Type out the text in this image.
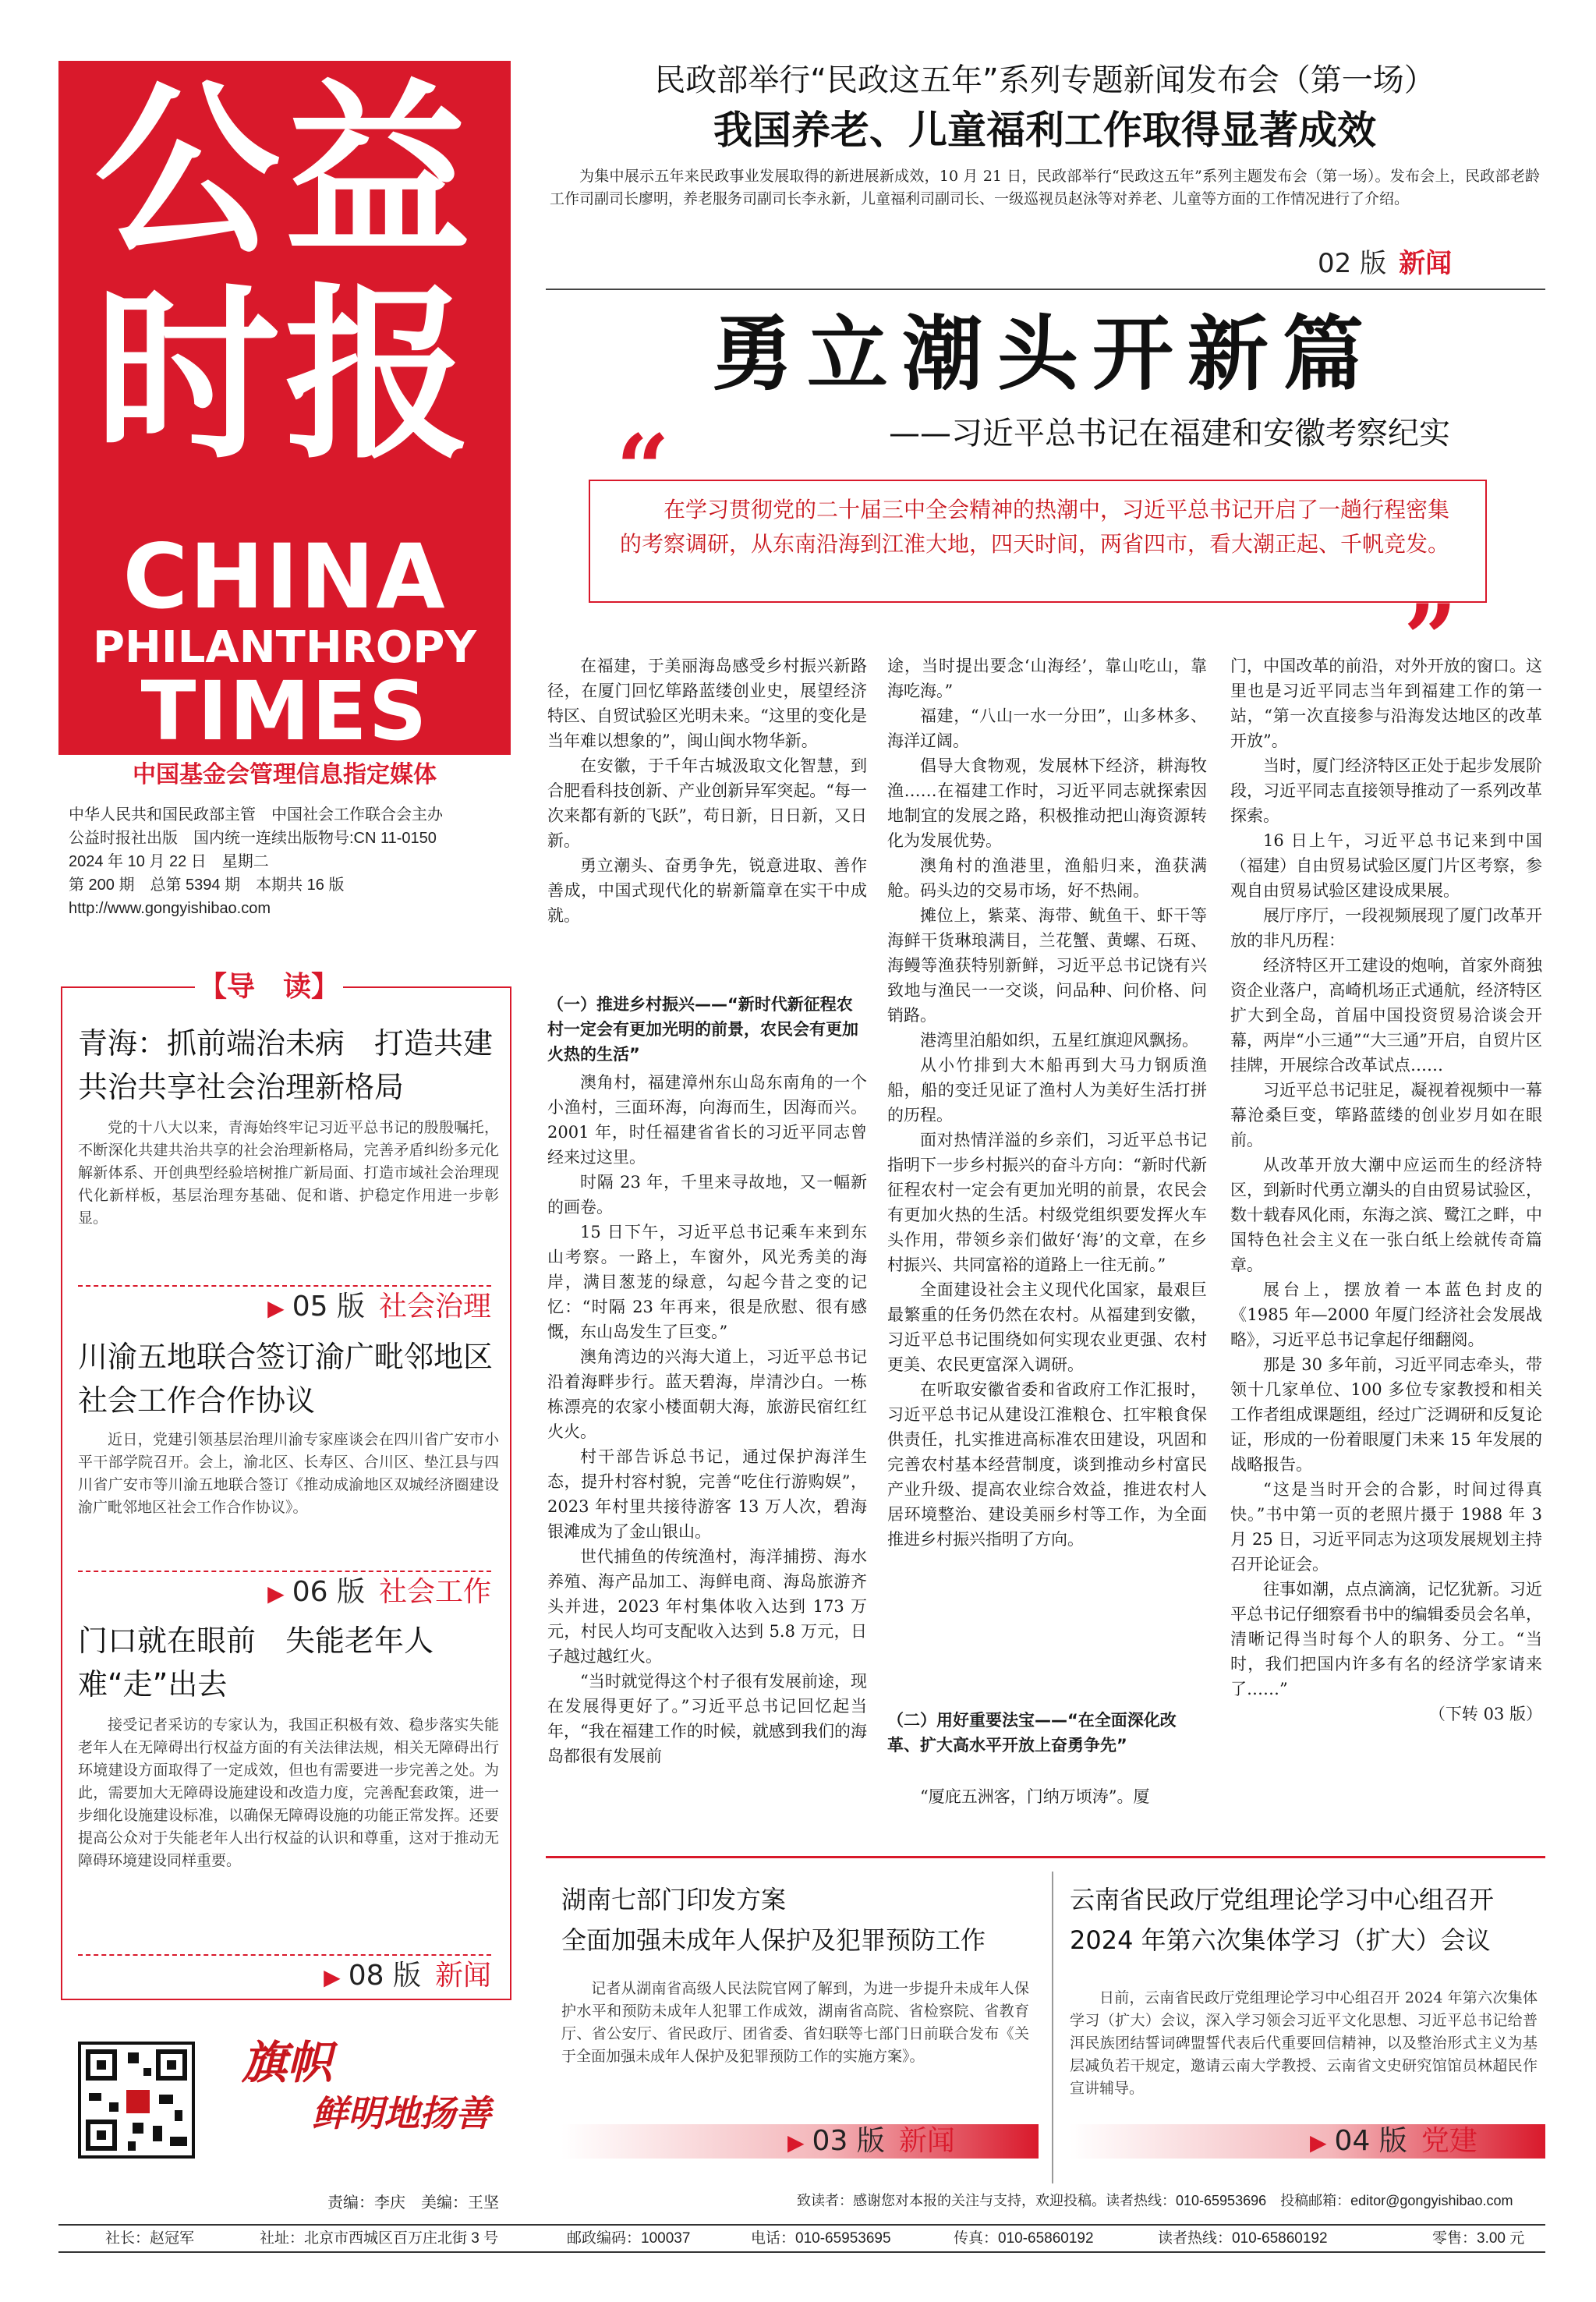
公益
时报
CHINA
PHILANTHROPY
TIMES
中国基金会管理信息指定媒体
中华人民共和国民政部主管　中国社会工作联合会主办
公益时报社出版　国内统一连续出版物号:CN 11-0150
2024 年 10 月 22 日　星期二
第 200 期　总第 5394 期　本期共 16 版
http://www.gongyishibao.com
民政部举行“民政这五年”系列专题新闻发布会（第一场）
我国养老、儿童福利工作取得显著成效
为集中展示五年来民政事业发展取得的新进展新成效，10 月 21 日，民政部举行“民政这五年”系列主题发布会（第一场）。发布会上，民政部老龄工作司副司长廖明，养老服务司副司长李永新，儿童福利司副司长、一级巡视员赵泳等对养老、儿童等方面的工作情况进行了介绍。
02 版 新闻
勇立潮头开新篇
——习近平总书记在福建和安徽考察纪实
“
在学习贯彻党的二十届三中全会精神的热潮中，习近平总书记开启了一趟行程密集的考察调研，从东南沿海到江淮大地，四天时间，两省四市，看大潮正起、千帆竞发。
”

在福建，于美丽海岛感受乡村振兴新路径，在厦门回忆筚路蓝缕创业史，展望经济特区、自贸试验区光明未来。“这里的变化是当年难以想象的”，闽山闽水物华新。

在安徽，于千年古城汲取文化智慧，到合肥看科技创新、产业创新异军突起。“每一次来都有新的飞跃”，苟日新，日日新，又日新。

勇立潮头、奋勇争先，锐意进取、善作善成，中国式现代化的崭新篇章在实干中成就。

（一）推进乡村振兴——“新时代新征程农村一定会有更加光明的前景，农民会有更加火热的生活”

澳角村，福建漳州东山岛东南角的一个小渔村，三面环海，向海而生，因海而兴。2001 年，时任福建省省长的习近平同志曾经来过这里。

时隔 23 年，千里来寻故地，又一幅新的画卷。

15 日下午，习近平总书记乘车来到东山考察。一路上，车窗外，风光秀美的海岸，满目葱茏的绿意，勾起今昔之变的记忆：“时隔 23 年再来，很是欣慰、很有感慨，东山岛发生了巨变。”

澳角湾边的兴海大道上，习近平总书记沿着海畔步行。蓝天碧海，岸清沙白。一栋栋漂亮的农家小楼面朝大海，旅游民宿红红火火。

村干部告诉总书记，通过保护海洋生态，提升村容村貌，完善“吃住行游购娱”，2023 年村里共接待游客 13 万人次，碧海银滩成为了金山银山。

世代捕鱼的传统渔村，海洋捕捞、海水养殖、海产品加工、海鲜电商、海岛旅游齐头并进，2023 年村集体收入达到 173 万元，村民人均可支配收入达到 5.8 万元，日子越过越红火。

“当时就觉得这个村子很有发展前途，现在发展得更好了。”习近平总书记回忆起当年，“我在福建工作的时候，就感到我们的海岛都很有发展前

途，当时提出要念‘山海经’，靠山吃山，靠海吃海。”

福建，“八山一水一分田”，山多林多、海洋辽阔。

倡导大食物观，发展林下经济，耕海牧渔……在福建工作时，习近平同志就探索因地制宜的发展之路，积极推动把山海资源转化为发展优势。

澳角村的渔港里，渔船归来，渔获满舱。码头边的交易市场，好不热闹。

摊位上，紫菜、海带、鱿鱼干、虾干等海鲜干货琳琅满目，兰花蟹、黄螺、石斑、海鳗等渔获特别新鲜，习近平总书记饶有兴致地与渔民一一交谈，问品种、问价格、问销路。

港湾里泊船如织，五星红旗迎风飘扬。

从小竹排到大木船再到大马力钢质渔船，船的变迁见证了渔村人为美好生活打拼的历程。

面对热情洋溢的乡亲们，习近平总书记指明下一步乡村振兴的奋斗方向：“新时代新征程农村一定会有更加光明的前景，农民会有更加火热的生活。村级党组织要发挥火车头作用，带领乡亲们做好‘海’的文章，在乡村振兴、共同富裕的道路上一往无前。”

全面建设社会主义现代化国家，最艰巨最繁重的任务仍然在农村。从福建到安徽，习近平总书记围绕如何实现农业更强、农村更美、农民更富深入调研。

在听取安徽省委和省政府工作汇报时，习近平总书记从建设江淮粮仓、扛牢粮食保供责任，扎实推进高标准农田建设，巩固和完善农村基本经营制度，谈到推动乡村富民产业升级、提高农业综合效益，推进农村人居环境整治、建设美丽乡村等工作，为全面推进乡村振兴指明了方向。

（二）用好重要法宝——“在全面深化改革、扩大高水平开放上奋勇争先”

“厦庇五洲客，门纳万顷涛”。厦

门，中国改革的前沿，对外开放的窗口。这里也是习近平同志当年到福建工作的第一站，“第一次直接参与沿海发达地区的改革开放”。

当时，厦门经济特区正处于起步发展阶段，习近平同志直接领导推动了一系列改革探索。

16 日上午，习近平总书记来到中国（福建）自由贸易试验区厦门片区考察，参观自由贸易试验区建设成果展。

展厅序厅，一段视频展现了厦门改革开放的非凡历程：

经济特区开工建设的炮响，首家外商独资企业落户，高崎机场正式通航，经济特区扩大到全岛，首届中国投资贸易洽谈会开幕，两岸“小三通”“大三通”开启，自贸片区挂牌，开展综合改革试点……

习近平总书记驻足，凝视着视频中一幕幕沧桑巨变，筚路蓝缕的创业岁月如在眼前。

从改革开放大潮中应运而生的经济特区，到新时代勇立潮头的自由贸易试验区，数十载春风化雨，东海之滨、鹭江之畔，中国特色社会主义在一张白纸上绘就传奇篇章。

展台上，摆放着一本蓝色封皮的《1985 年—2000 年厦门经济社会发展战略》，习近平总书记拿起仔细翻阅。

那是 30 多年前，习近平同志牵头，带领十几家单位、100 多位专家教授和相关工作者组成课题组，经过广泛调研和反复论证，形成的一份着眼厦门未来 15 年发展的战略报告。

“这是当时开会的合影，时间过得真快。”书中第一页的老照片摄于 1988 年 3 月 25 日，习近平同志为这项发展规划主持召开论证会。

往事如潮，点点滴滴，记忆犹新。习近平总书记仔细察看书中的编辑委员会名单，清晰记得当时每个人的职务、分工。“当时，我们把国内许多有名的经济学家请来了……”

（下转 03 版）

【导　读】
青海：抓前端治未病　打造共建共治共享社会治理新格局
党的十八大以来，青海始终牢记习近平总书记的殷殷嘱托，不断深化共建共治共享的社会治理新格局，完善矛盾纠纷多元化解新体系、开创典型经验培树推广新局面、打造市域社会治理现代化新样板，基层治理夯基础、促和谐、护稳定作用进一步彰显。
▶ 05 版 社会治理
川渝五地联合签订渝广毗邻地区社会工作合作协议
近日，党建引领基层治理川渝专家座谈会在四川省广安市小平干部学院召开。会上，渝北区、长寿区、合川区、垫江县与四川省广安市等川渝五地联合签订《推动成渝地区双城经济圈建设渝广毗邻地区社会工作合作协议》。
▶ 06 版 社会工作
门口就在眼前　失能老年人难“走”出去
接受记者采访的专家认为，我国正积极有效、稳步落实失能老年人在无障碍出行权益方面的有关法律法规，相关无障碍出行环境建设方面取得了一定成效，但也有需要进一步完善之处。为此，需要加大无障碍设施建设和改造力度，完善配套政策，进一步细化设施建设标准，以确保无障碍设施的功能正常发挥。还要提高公众对于失能老年人出行权益的认识和尊重，这对于推动无障碍环境建设同样重要。
▶ 08 版 新闻
旗帜
鲜明地扬善
湖南七部门印发方案
全面加强未成年人保护及犯罪预防工作
记者从湖南省高级人民法院官网了解到，为进一步提升未成年人保护水平和预防未成年人犯罪工作成效，湖南省高院、省检察院、省教育厅、省公安厅、省民政厅、团省委、省妇联等七部门日前联合发布《关于全面加强未成年人保护及犯罪预防工作的实施方案》。
▶ 03 版 新闻
云南省民政厅党组理论学习中心组召开
2024 年第六次集体学习（扩大）会议
日前，云南省民政厅党组理论学习中心组召开 2024 年第六次集体学习（扩大）会议，深入学习领会习近平文化思想、习近平总书记给普洱民族团结誓词碑盟誓代表后代重要回信精神，以及整治形式主义为基层减负若干规定，邀请云南大学教授、云南省文史研究馆馆员林超民作宣讲辅导。
▶ 04 版 党建
责编：李庆　美编：王坚	致读者：感谢您对本报的关注与支持，欢迎投稿。读者热线：010-65953696　投稿邮箱：editor@gongyishibao.com
社长：赵冠军	社址：北京市西城区百万庄北街 3 号	邮政编码：100037	电话：010-65953695	传真：010-65860192	读者热线：010-65860192	零售：3.00 元
